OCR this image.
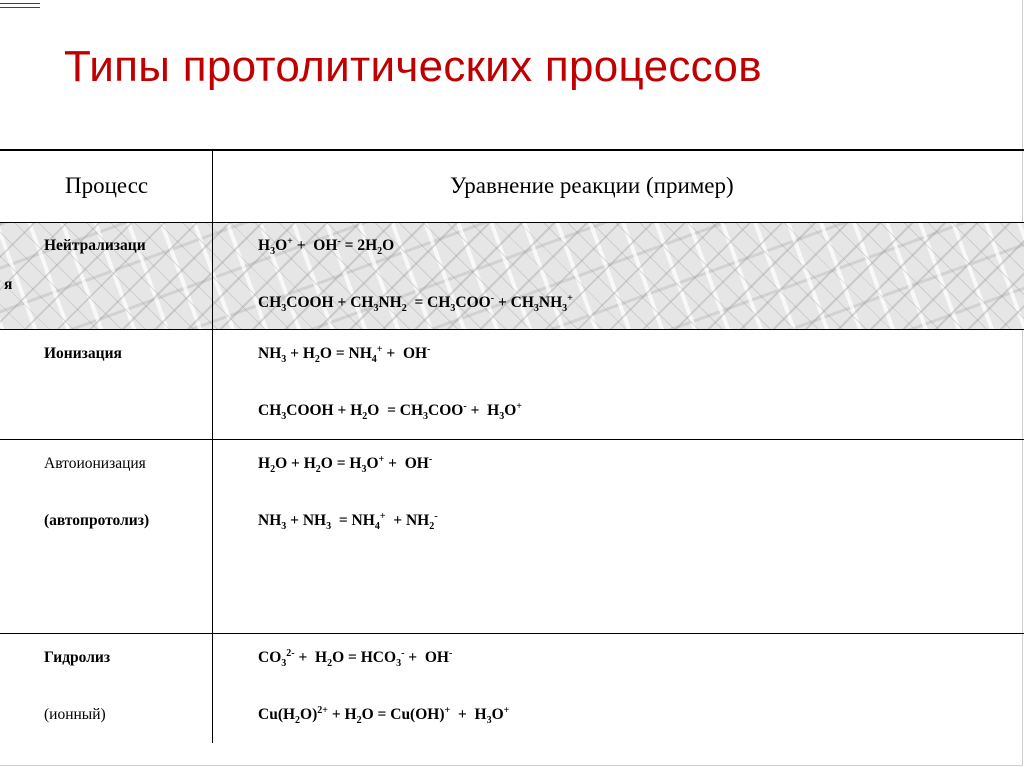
Типы протолитических процессов
Процесс	Уравнение реакции (пример)
Нейтрализаци
я
$H_3O^+ + OH^- = 2H_2O$
$CH_3COOH + CH_3NH_2 = CH_3COO^- + CH_3NH_3^+$
Ионизация	$NH_3 + H_2O = NH_4^+ + OH^-$
$CH_3COOH + H_2O = CH_3COO^- + H_3O^+$
Автоионизация
(автопротолиз)
$H_2O + H_2O = H_3O^+ + OH^-$
$NH_3 + NH_3 = NH_4^+ + NH_2^-$
Гидролиз
(ионный)
$CO_3^{2-} + H_2O = HCO_3^- + OH^-$
$Cu(H_2O)^{2+} + H_2O = Cu(OH)^+ + H_3O^+$
